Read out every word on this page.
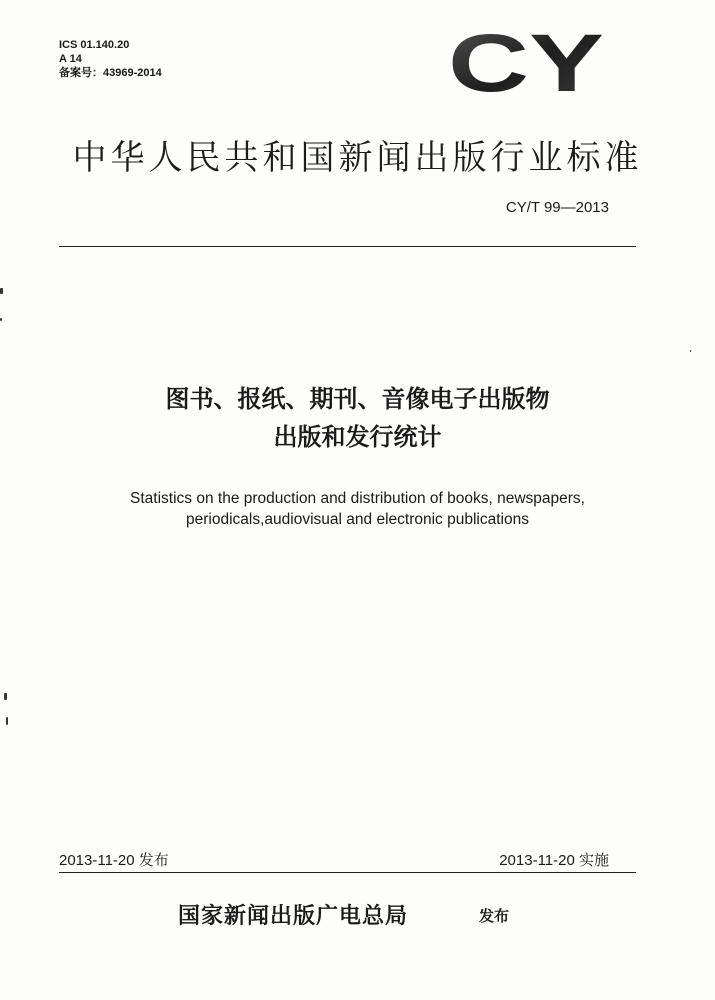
ICS 01.140.20
A 14
备案号：43969-2014	CY
中华人民共和国新闻出版行业标准
CY/T 99—2013
图书、报纸、期刊、音像电子出版物
出版和发行统计
Statistics on the production and distribution of books, newspapers,
periodicals,audiovisual and electronic publications
2013-11-20 发布	2013-11-20 实施
国家新闻出版广电总局	发布
